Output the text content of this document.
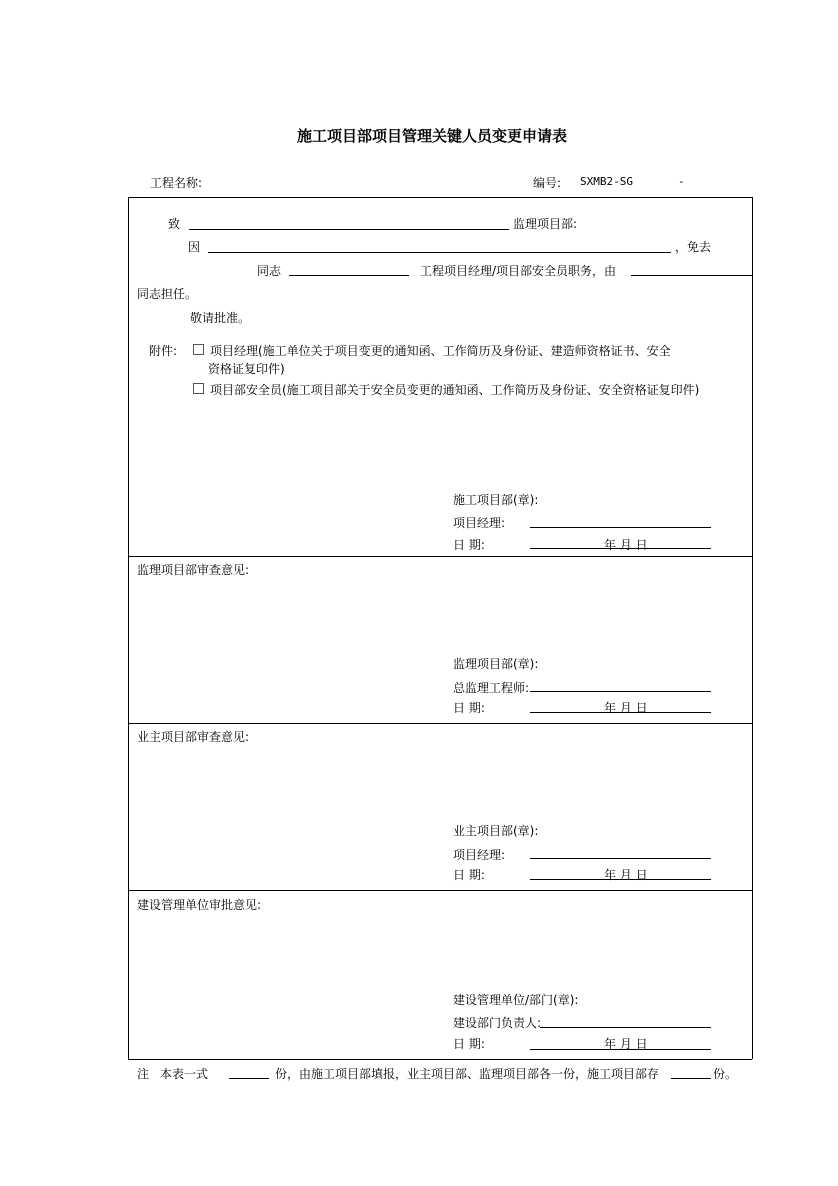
施工项目部项目管理关键人员变更申请表
工程名称:	编号: SXMB2-SG	-
致	监理项目部:
因	，免去
同志	工程项目经理/项目部安全员职务，由
同志担任。
敬请批准。
附件:	项目经理(施工单位关于项目变更的通知函、工作简历及身份证、建造师资格证书、安全
资格证复印件)
项目部安全员(施工项目部关于安全员变更的通知函、工作简历及身份证、安全资格证复印件)
施工项目部(章):
项目经理:
日 期:	年 月 日
监理项目部审查意见:
监理项目部(章):
总监理工程师:
日 期:	年 月 日
业主项目部审查意见:
业主项目部(章):
项目经理:
日 期:	年 月 日
建设管理单位审批意见:
建设管理单位/部门(章):
建设部门负责人:
日 期:	年 月 日
注 本表一式	份，由施工项目部填报，业主项目部、监理项目部各一份，施工项目部存	份。
